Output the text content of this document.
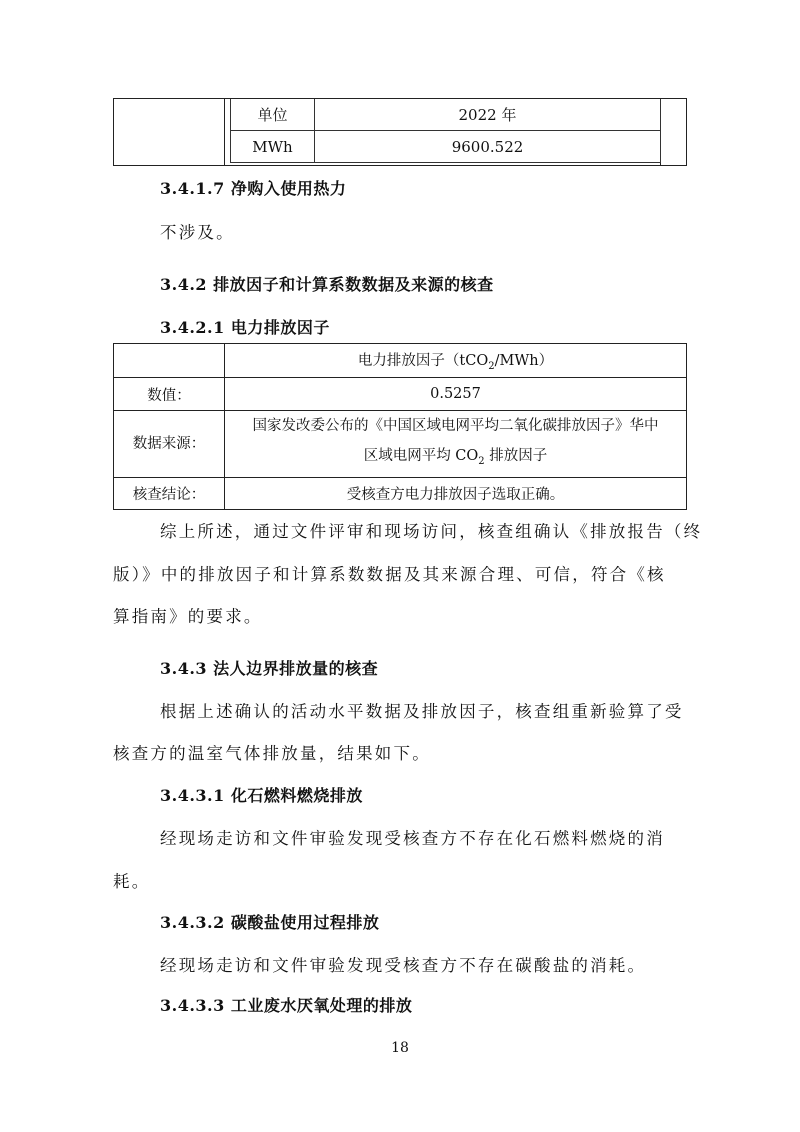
单位	2022 年
MWh	9600.522
3.4.1.7 净购入使用热力
不涉及。
3.4.2 排放因子和计算系数数据及来源的核查
3.4.2.1 电力排放因子
	电力排放因子（tCO$_2$/MWh）
数值：	0.5257
数据来源：	国家发改委公布的《中国区域电网平均二氧化碳排放因子》华中
区域电网平均 $CO_2$ 排放因子

核查结论：	受核查方电力排放因子选取正确。
综上所述，通过文件评审和现场访问，核查组确认《排放报告（终
版）》中的排放因子和计算系数数据及其来源合理、可信，符合《核
算指南》的要求。
3.4.3 法人边界排放量的核查
根据上述确认的活动水平数据及排放因子，核查组重新验算了受
核查方的温室气体排放量，结果如下。
3.4.3.1 化石燃料燃烧排放
经现场走访和文件审验发现受核查方不存在化石燃料燃烧的消
耗。
3.4.3.2 碳酸盐使用过程排放
经现场走访和文件审验发现受核查方不存在碳酸盐的消耗。
3.4.3.3 工业废水厌氧处理的排放
18
